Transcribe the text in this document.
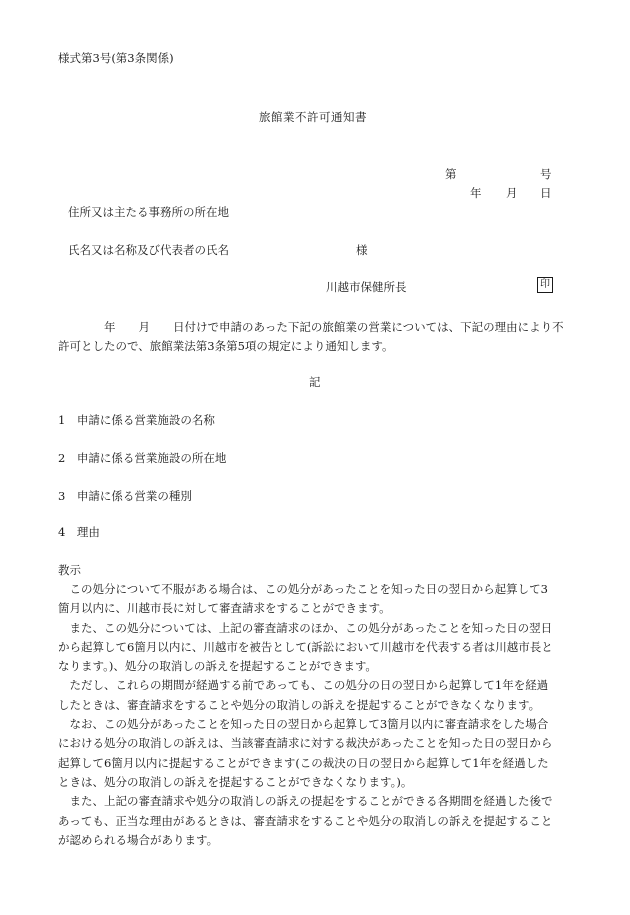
様式第3号(第3条関係)
旅館業不許可通知書
第	号
年 月 日
住所又は主たる事務所の所在地
氏名又は名称及び代表者の氏名	様
川越市保健所長	印
　　　　年　　月　　日付けで申請のあった下記の旅館業の営業については、下記の理由により不
許可としたので、旅館業法第3条第5項の規定により通知します。
記
1　申請に係る営業施設の名称
2　申請に係る営業施設の所在地
3　申請に係る営業の種別
4　理由
教示
　この処分について不服がある場合は、この処分があったことを知った日の翌日から起算して3
箇月以内に、川越市長に対して審査請求をすることができます。
　また、この処分については、上記の審査請求のほか、この処分があったことを知った日の翌日
から起算して6箇月以内に、川越市を被告として(訴訟において川越市を代表する者は川越市長と
なります。)、処分の取消しの訴えを提起することができます。
　ただし、これらの期間が経過する前であっても、この処分の日の翌日から起算して1年を経過
したときは、審査請求をすることや処分の取消しの訴えを提起することができなくなります。
　なお、この処分があったことを知った日の翌日から起算して3箇月以内に審査請求をした場合
における処分の取消しの訴えは、当該審査請求に対する裁決があったことを知った日の翌日から
起算して6箇月以内に提起することができます(この裁決の日の翌日から起算して1年を経過した
ときは、処分の取消しの訴えを提起することができなくなります。)。
　また、上記の審査請求や処分の取消しの訴えの提起をすることができる各期間を経過した後で
あっても、正当な理由があるときは、審査請求をすることや処分の取消しの訴えを提起すること
が認められる場合があります。
